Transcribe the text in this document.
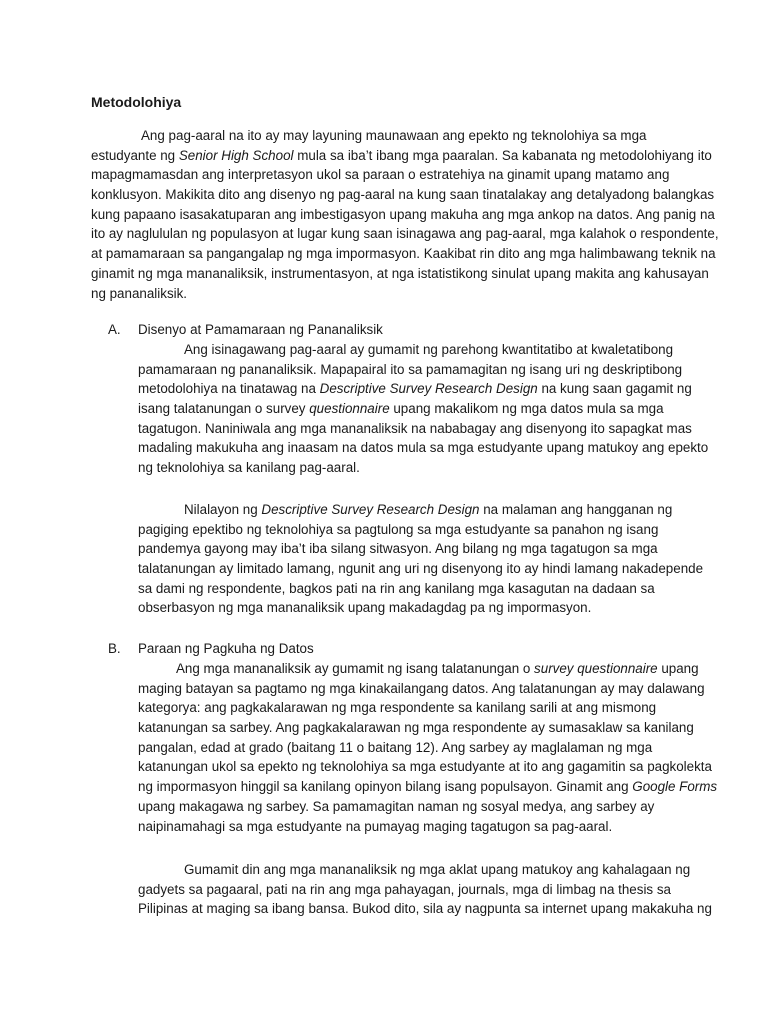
Metodolohiya

Ang pag-aaral na ito ay may layuning maunawaan ang epekto ng teknolohiya sa mga
estudyante ng Senior High School mula sa iba’t ibang mga paaralan. Sa kabanata ng metodolohiyang ito
mapagmamasdan ang interpretasyon ukol sa paraan o estratehiya na ginamit upang matamo ang
konklusyon. Makikita dito ang disenyo ng pag-aaral na kung saan tinatalakay ang detalyadong balangkas
kung papaano isasakatuparan ang imbestigasyon upang makuha ang mga ankop na datos. Ang panig na
ito ay naglululan ng populasyon at lugar kung saan isinagawa ang pag-aaral, mga kalahok o respondente,
at pamamaraan sa pangangalap ng mga impormasyon. Kaakibat rin dito ang mga halimbawang teknik na
ginamit ng mga mananaliksik, instrumentasyon, at nga istatistikong sinulat upang makita ang kahusayan
ng pananaliksik.

A.	Disenyo at Pamamaraan ng Pananaliksik

Ang isinagawang pag-aaral ay gumamit ng parehong kwantitatibo at kwaletatibong
pamamaraan ng pananaliksik. Mapapairal ito sa pamamagitan ng isang uri ng deskriptibong
metodolohiya na tinatawag na Descriptive Survey Research Design na kung saan gagamit ng
isang talatanungan o survey questionnaire upang makalikom ng mga datos mula sa mga
tagatugon. Naniniwala ang mga mananaliksik na nababagay ang disenyong ito sapagkat mas
madaling makukuha ang inaasam na datos mula sa mga estudyante upang matukoy ang epekto
ng teknolohiya sa kanilang pag-aaral.

Nilalayon ng Descriptive Survey Research Design na malaman ang hangganan ng
pagiging epektibo ng teknolohiya sa pagtulong sa mga estudyante sa panahon ng isang
pandemya gayong may iba’t iba silang sitwasyon. Ang bilang ng mga tagatugon sa mga
talatanungan ay limitado lamang, ngunit ang uri ng disenyong ito ay hindi lamang nakadepende
sa dami ng respondente, bagkos pati na rin ang kanilang mga kasagutan na dadaan sa
obserbasyon ng mga mananaliksik upang makadagdag pa ng impormasyon.

B.	Paraan ng Pagkuha ng Datos

Ang mga mananaliksik ay gumamit ng isang talatanungan o survey questionnaire upang
maging batayan sa pagtamo ng mga kinakailangang datos. Ang talatanungan ay may dalawang
kategorya: ang pagkakalarawan ng mga respondente sa kanilang sarili at ang mismong
katanungan sa sarbey. Ang pagkakalarawan ng mga respondente ay sumasaklaw sa kanilang
pangalan, edad at grado (baitang 11 o baitang 12). Ang sarbey ay maglalaman ng mga
katanungan ukol sa epekto ng teknolohiya sa mga estudyante at ito ang gagamitin sa pagkolekta
ng impormasyon hinggil sa kanilang opinyon bilang isang populsayon. Ginamit ang Google Forms
upang makagawa ng sarbey. Sa pamamagitan naman ng sosyal medya, ang sarbey ay
naipinamahagi sa mga estudyante na pumayag maging tagatugon sa pag-aaral.

Gumamit din ang mga mananaliksik ng mga aklat upang matukoy ang kahalagaan ng
gadyets sa pagaaral, pati na rin ang mga pahayagan, journals, mga di limbag na thesis sa
Pilipinas at maging sa ibang bansa. Bukod dito, sila ay nagpunta sa internet upang makakuha ng
